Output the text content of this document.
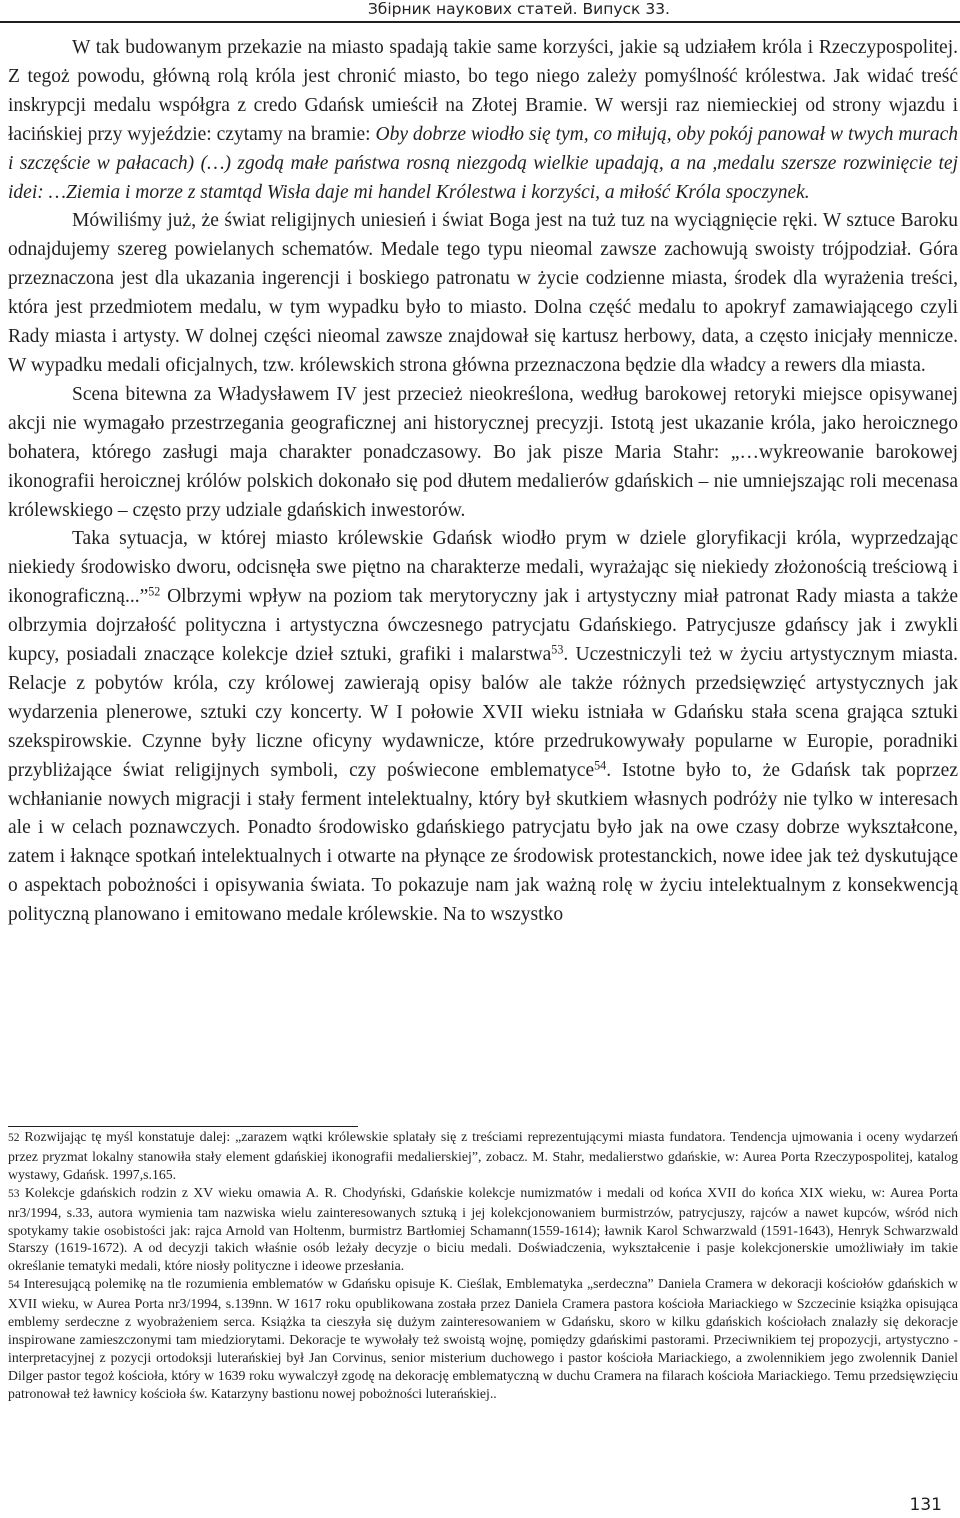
Збірник наукових статей. Випуск 33.

W tak budowanym przekazie na miasto spadają takie same korzyści, jakie są udziałem króla i Rzeczypospolitej. Z tegoż powodu, główną rolą króla jest chronić miasto, bo tego niego zależy pomyślność królestwa. Jak widać treść inskrypcji medalu współgra z credo Gdańsk umieścił na Złotej Bramie. W wersji raz niemieckiej od strony wjazdu i łacińskiej przy wyjeździe: czytamy na bramie: Oby dobrze wiodło się tym, co miłują, oby pokój panował w twych murach i szczęście w pałacach) (…) zgodą małe państwa rosną niezgodą wielkie upadają, a na ,medalu szersze rozwinięcie tej idei: …Ziemia i morze z stamtąd Wisła daje mi handel Królestwa i korzyści, a miłość Króla spoczynek.

Mówiliśmy już, że świat religijnych uniesień i świat Boga jest na tuż tuz na wyciągnięcie ręki. W sztuce Baroku odnajdujemy szereg powielanych schematów. Medale tego typu nieomal zawsze zachowują swoisty trójpodział. Góra przeznaczona jest dla ukazania ingerencji i boskiego patronatu w życie codzienne miasta, środek dla wyrażenia treści, która jest przedmiotem medalu, w tym wypadku było to miasto. Dolna część medalu to apokryf zamawiającego czyli Rady miasta i artysty. W dolnej części nieomal zawsze znajdował się kartusz herbowy, data, a często inicjały mennicze. W wypadku medali oficjalnych, tzw. królewskich strona główna przeznaczona będzie dla władcy a rewers dla miasta.

Scena bitewna za Władysławem IV jest przecież nieokreślona, według barokowej retoryki miejsce opisywanej akcji nie wymagało przestrzegania geograficznej ani historycznej precyzji. Istotą jest ukazanie króla, jako heroicznego bohatera, którego zasługi maja charakter ponadczasowy. Bo jak pisze Maria Stahr: „…wykreowanie barokowej ikonografii heroicznej królów polskich dokonało się pod dłutem medalierów gdańskich – nie umniejszając roli mecenasa królewskiego – często przy udziale gdańskich inwestorów.

Taka sytuacja, w której miasto królewskie Gdańsk wiodło prym w dziele gloryfikacji króla, wyprzedzając niekiedy środowisko dworu, odcisnęła swe piętno na charakterze medali, wyrażając się niekiedy złożonością treściową i ikonograficzną...”$^{52}$ Olbrzymi wpływ na poziom tak merytoryczny jak i artystyczny miał patronat Rady miasta a także olbrzymia dojrzałość polityczna i artystyczna ówczesnego patrycjatu Gdańskiego. Patrycjusze gdańscy jak i zwykli kupcy, posiadali znaczące kolekcje dzieł sztuki, grafiki i malarstwa$^{53}$. Uczestniczyli też w życiu artystycznym miasta. Relacje z pobytów króla, czy królowej zawierają opisy balów ale także różnych przedsięwzięć artystycznych jak wydarzenia plenerowe, sztuki czy koncerty. W I połowie XVII wieku istniała w Gdańsku stała scena grająca sztuki szekspirowskie. Czynne były liczne oficyny wydawnicze, które przedrukowywały popularne w Europie, poradniki przybliżające świat religijnych symboli, czy poświecone emblematyce$^{54}$. Istotne było to, że Gdańsk tak poprzez wchłanianie nowych migracji i stały ferment intelektualny, który był skutkiem własnych podróży nie tylko w interesach ale i w celach poznawczych. Ponadto środowisko gdańskiego patrycjatu było jak na owe czasy dobrze wykształcone, zatem i łaknące spotkań intelektualnych i otwarte na płynące ze środowisk protestanckich, nowe idee jak też dyskutujące o aspektach pobożności i opisywania świata. To pokazuje nam jak ważną rolę w życiu intelektualnym z konsekwencją polityczną planowano i emitowano medale królewskie. Na to wszystko

52 Rozwijając tę myśl konstatuje dalej: „zarazem wątki królewskie splatały się z treściami reprezentującymi miasta fundatora. Tendencja ujmowania i oceny wydarzeń przez pryzmat lokalny stanowiła stały element gdańskiej ikonografii medalierskiej”, zobacz. M. Stahr, medalierstwo gdańskie, w: Aurea Porta Rzeczypospolitej, katalog wystawy, Gdańsk. 1997,s.165.

53 Kolekcje gdańskich rodzin z XV wieku omawia A. R. Chodyński, Gdańskie kolekcje numizmatów i medali od końca XVII do końca XIX wieku, w: Aurea Porta nr3/1994, s.33, autora wymienia tam nazwiska wielu zainteresowanych sztuką i jej kolekcjonowaniem burmistrzów, patrycjuszy, rajców a nawet kupców, wśród nich spotykamy takie osobistości jak: rajca Arnold van Holtenm, burmistrz Bartłomiej Schamann(1559-1614); ławnik Karol Schwarzwald (1591-1643), Henryk Schwarzwald Starszy (1619-1672). A od decyzji takich właśnie osób leżały decyzje o biciu medali. Doświadczenia, wykształcenie i pasje kolekcjonerskie umożliwiały im takie określanie tematyki medali, które niosły polityczne i ideowe przesłania.

54 Interesującą polemikę na tle rozumienia emblematów w Gdańsku opisuje K. Cieślak, Emblematyka „serdeczna” Daniela Cramera w dekoracji kościołów gdańskich w XVII wieku, w Aurea Porta nr3/1994, s.139nn. W 1617 roku opublikowana została przez Daniela Cramera pastora kościoła Mariackiego w Szczecinie książka opisująca emblemy serdeczne z wyobrażeniem serca. Książka ta cieszyła się dużym zainteresowaniem w Gdańsku, skoro w kilku gdańskich kościołach znalazły się dekoracje inspirowane zamieszczonymi tam miedziorytami. Dekoracje te wywołały też swoistą wojnę, pomiędzy gdańskimi pastorami. Przeciwnikiem tej propozycji, artystyczno - interpretacyjnej z pozycji ortodoksji luterańskiej był Jan Corvinus, senior misterium duchowego i pastor kościoła Mariackiego, a zwolennikiem jego zwolennik Daniel Dilger pastor tegoż kościoła, który w 1639 roku wywalczył zgodę na dekorację emblematyczną w duchu Cramera na filarach kościoła Mariackiego. Temu przedsięwzięciu patronował też ławnicy kościoła św. Katarzyny bastionu nowej pobożności luterańskiej..

131
